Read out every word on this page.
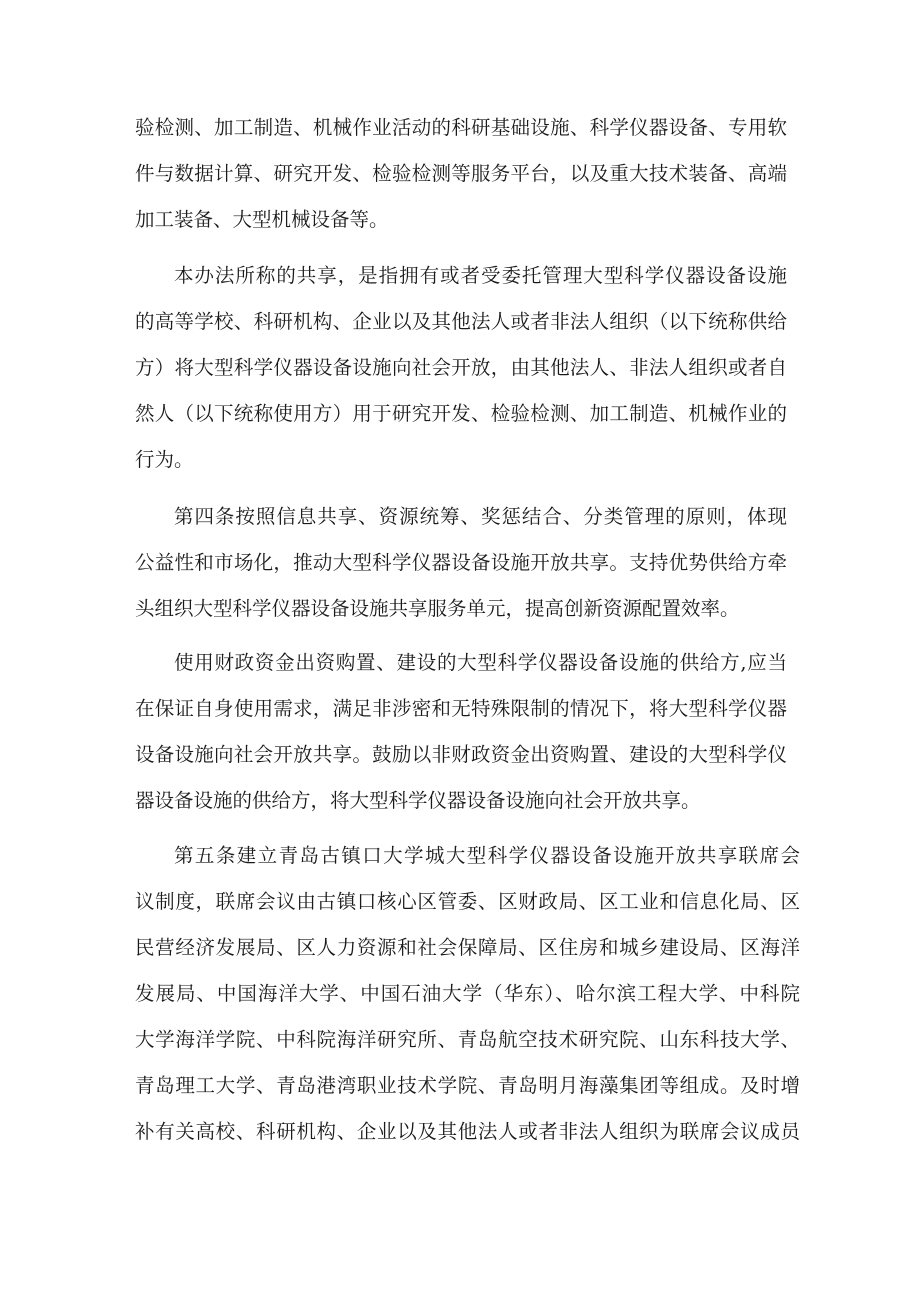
验检测、加工制造、机械作业活动的科研基础设施、科学仪器设备、专用软
件与数据计算、研究开发、检验检测等服务平台，以及重大技术装备、高端
加工装备、大型机械设备等。
本办法所称的共享，是指拥有或者受委托管理大型科学仪器设备设施
的高等学校、科研机构、企业以及其他法人或者非法人组织（以下统称供给
方）将大型科学仪器设备设施向社会开放，由其他法人、非法人组织或者自
然人（以下统称使用方）用于研究开发、检验检测、加工制造、机械作业的
行为。
第四条按照信息共享、资源统筹、奖惩结合、分类管理的原则，体现
公益性和市场化，推动大型科学仪器设备设施开放共享。支持优势供给方牵
头组织大型科学仪器设备设施共享服务单元，提高创新资源配置效率。
使用财政资金出资购置、建设的大型科学仪器设备设施的供给方,应当
在保证自身使用需求，满足非涉密和无特殊限制的情况下，将大型科学仪器
设备设施向社会开放共享。鼓励以非财政资金出资购置、建设的大型科学仪
器设备设施的供给方，将大型科学仪器设备设施向社会开放共享。
第五条建立青岛古镇口大学城大型科学仪器设备设施开放共享联席会
议制度，联席会议由古镇口核心区管委、区财政局、区工业和信息化局、区
民营经济发展局、区人力资源和社会保障局、区住房和城乡建设局、区海洋
发展局、中国海洋大学、中国石油大学（华东）、哈尔滨工程大学、中科院
大学海洋学院、中科院海洋研究所、青岛航空技术研究院、山东科技大学、
青岛理工大学、青岛港湾职业技术学院、青岛明月海藻集团等组成。及时增
补有关高校、科研机构、企业以及其他法人或者非法人组织为联席会议成员
